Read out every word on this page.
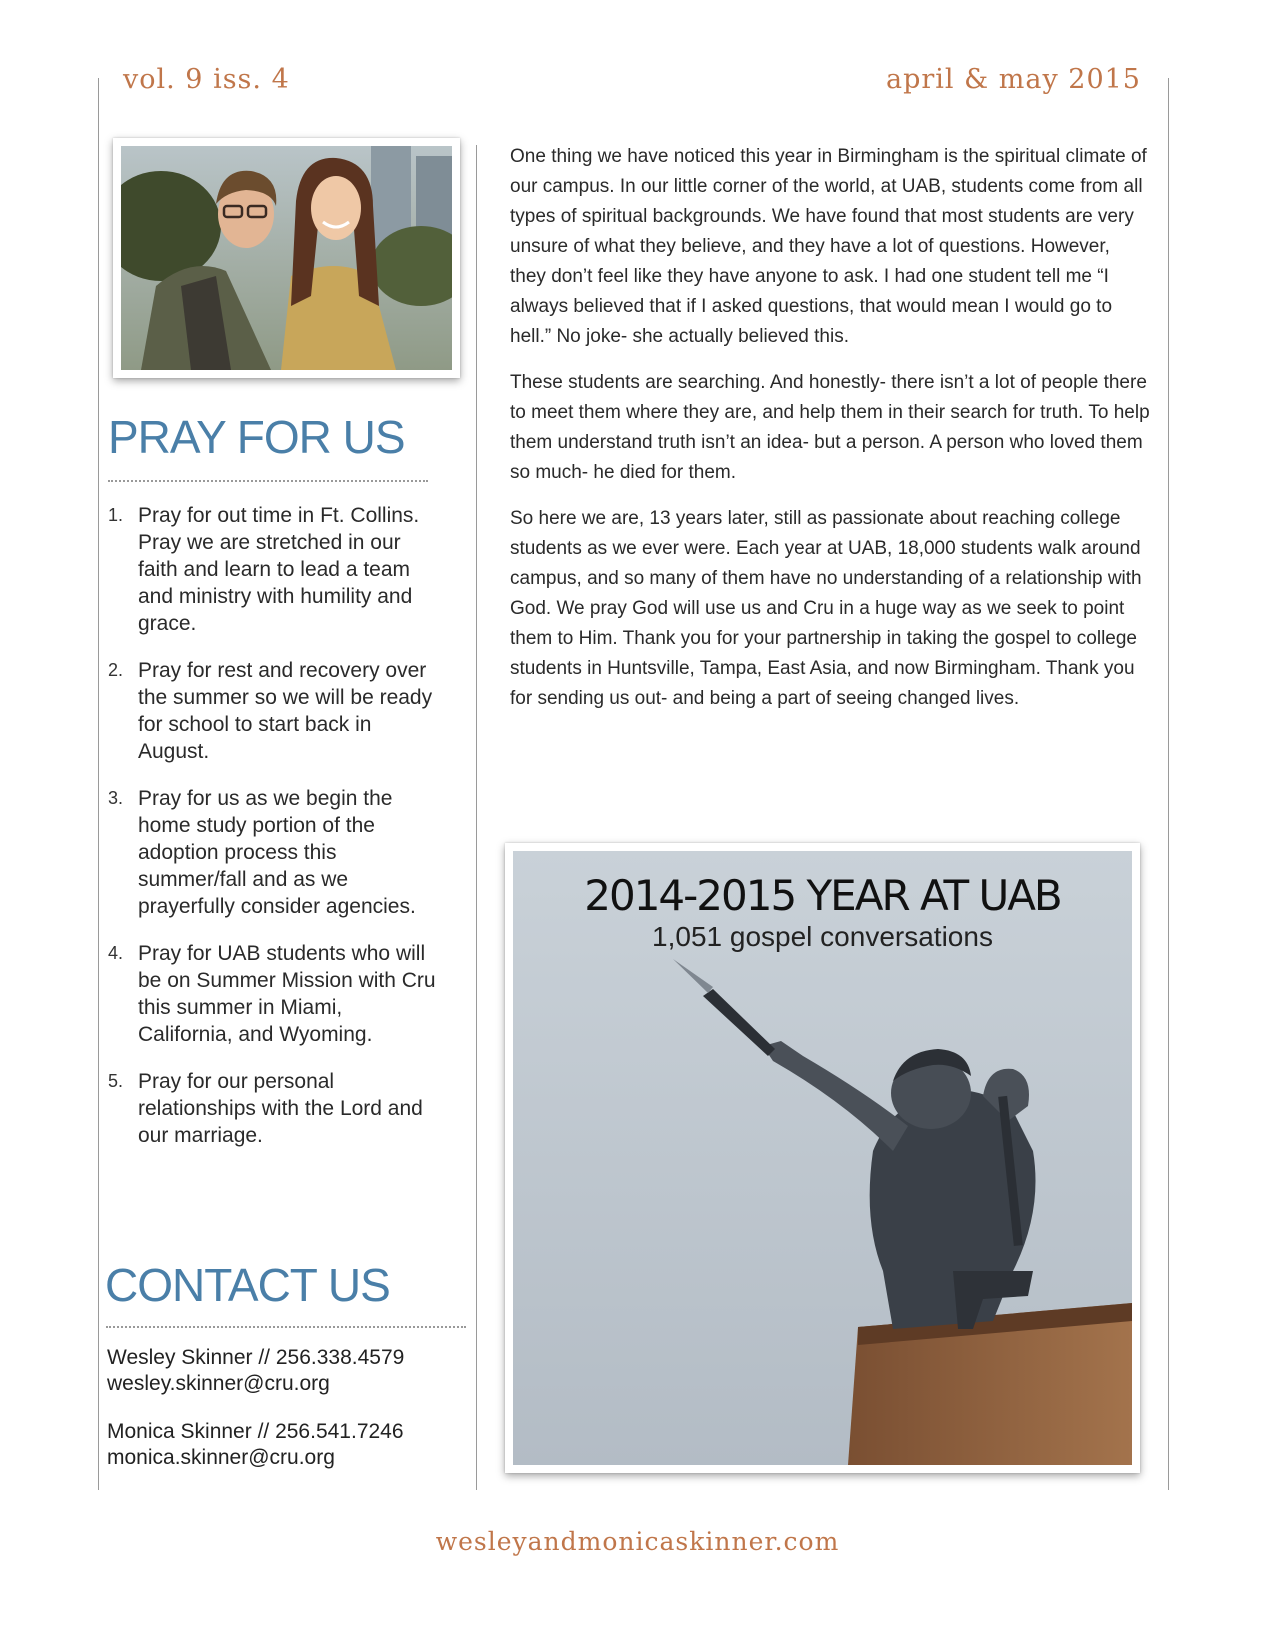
vol. 9 iss. 4	april & may 2015
PRAY FOR US
1. Pray for out time in Ft. Collins. Pray we are stretched in our faith and learn to lead a team and ministry with humility and grace.
2. Pray for rest and recovery over the summer so we will be ready for school to start back in August.
3. Pray for us as we begin the home study portion of the adoption process this summer/fall and as we prayerfully consider agencies.
4. Pray for UAB students who will be on Summer Mission with Cru this summer in Miami, California, and Wyoming.
5. Pray for our personal relationships with the Lord and our marriage.
CONTACT US
Wesley Skinner // 256.338.4579
wesley.skinner@cru.org
Monica Skinner // 256.541.7246
monica.skinner@cru.org

One thing we have noticed this year in Birmingham is the spiritual climate of our campus. In our little corner of the world, at UAB, students come from all types of spiritual backgrounds. We have found that most students are very unsure of what they believe, and they have a lot of questions. However, they don’t feel like they have anyone to ask. I had one student tell me “I always believed that if I asked questions, that would mean I would go to hell.” No joke- she actually believed this.

These students are searching. And honestly- there isn’t a lot of people there to meet them where they are, and help them in their search for truth. To help them understand truth isn’t an idea- but a person. A person who loved them so much- he died for them.

So here we are, 13 years later, still as passionate about reaching college students as we ever were. Each year at UAB, 18,000 students walk around campus, and so many of them have no understanding of a relationship with God. We pray God will use us and Cru in a huge way as we seek to point them to Him. Thank you for your partnership in taking the gospel to college students in Huntsville, Tampa, East Asia, and now Birmingham. Thank you for sending us out- and being a part of seeing changed lives.

2014-2015 YEAR AT UAB
1,051 gospel conversations
wesleyandmonicaskinner.com
